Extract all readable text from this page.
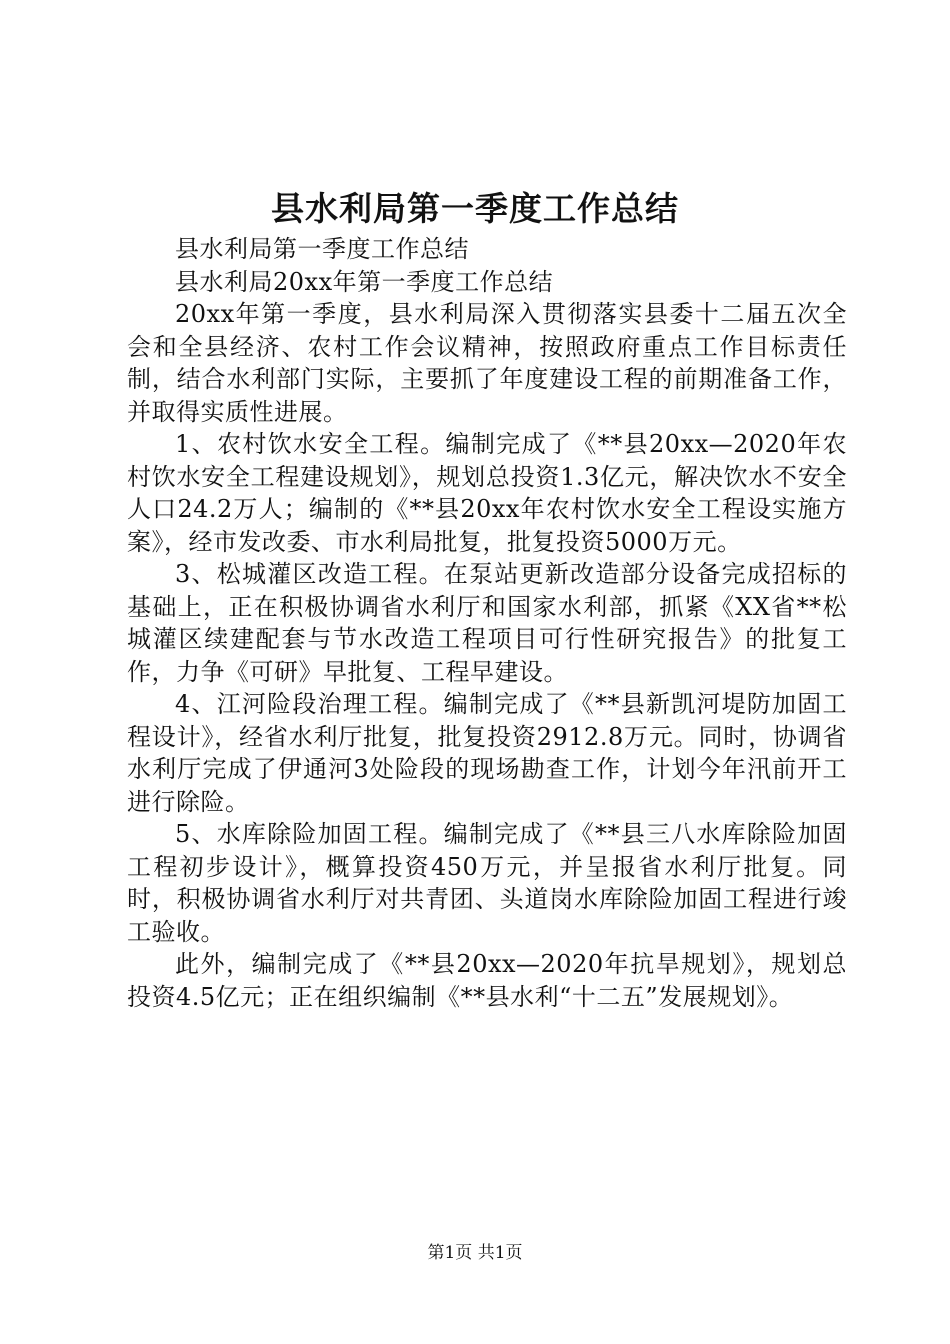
县水利局第一季度工作总结

县水利局第一季度工作总结

县水利局20xx年第一季度工作总结

20xx年第一季度，县水利局深入贯彻落实县委十二届五次全会和全县经济、农村工作会议精神，按照政府重点工作目标责任制，结合水利部门实际，主要抓了年度建设工程的前期准备工作，并取得实质性进展。

1、农村饮水安全工程。编制完成了《**县20xx—2020年农村饮水安全工程建设规划》，规划总投资1.3亿元，解决饮水不安全人口24.2万人；编制的《**县20xx年农村饮水安全工程设实施方案》，经市发改委、市水利局批复，批复投资5000万元。

3、松城灌区改造工程。在泵站更新改造部分设备完成招标的基础上，正在积极协调省水利厅和国家水利部，抓紧《XX省**松城灌区续建配套与节水改造工程项目可行性研究报告》的批复工作，力争《可研》早批复、工程早建设。

4、江河险段治理工程。编制完成了《**县新凯河堤防加固工程设计》，经省水利厅批复，批复投资2912.8万元。同时，协调省水利厅完成了伊通河3处险段的现场勘查工作，计划今年汛前开工进行除险。

5、水库除险加固工程。编制完成了《**县三八水库除险加固工程初步设计》，概算投资450万元，并呈报省水利厅批复。同时，积极协调省水利厅对共青团、头道岗水库除险加固工程进行竣工验收。

此外，编制完成了《**县20xx—2020年抗旱规划》，规划总投资4.5亿元；正在组织编制《**县水利“十二五”发展规划》。

第1页 共1页
